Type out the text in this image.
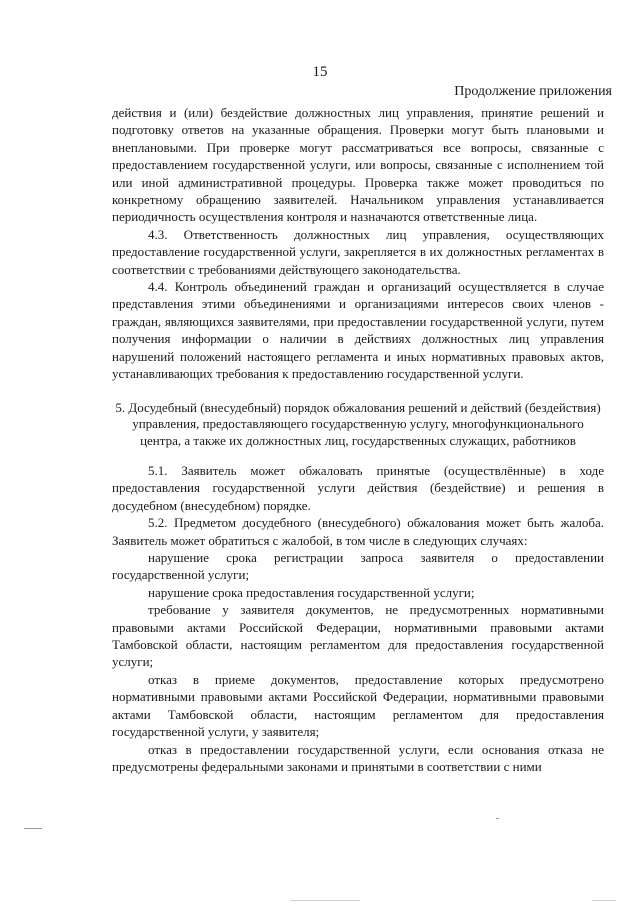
15
Продолжение приложения

действия и (или) бездействие должностных лиц управления, принятие решений и подготовку ответов на указанные обращения. Проверки могут быть плановыми и внеплановыми. При проверке могут рассматриваться все вопросы, связанные с предоставлением государственной услуги, или вопросы, связанные с исполнением той или иной административной процедуры. Проверка также может проводиться по конкретному обращению заявителей. Начальником управления устанавливается периодичность осуществления контроля и назначаются ответственные лица.

4.3. Ответственность должностных лиц управления, осуществляющих предоставление государственной услуги, закрепляется в их должностных регламентах в соответствии с требованиями действующего законодательства.

4.4. Контроль объединений граждан и организаций осуществляется в случае представления этими объединениями и организациями интересов своих членов - граждан, являющихся заявителями, при предоставлении государственной услуги, путем получения информации о наличии в действиях должностных лиц управления нарушений положений настоящего регламента и иных нормативных правовых актов, устанавливающих требования к предоставлению государственной услуги.

5. Досудебный (внесудебный) порядок обжалования решений и действий (бездействия) управления, предоставляющего государственную услугу, многофункционального центра, а также их должностных лиц, государственных служащих, работников

5.1. Заявитель может обжаловать принятые (осуществлённые) в ходе предоставления государственной услуги действия (бездействие) и решения в досудебном (внесудебном) порядке.

5.2. Предметом досудебного (внесудебного) обжалования может быть жалоба. Заявитель может обратиться с жалобой, в том числе в следующих случаях:

нарушение срока регистрации запроса заявителя о предоставлении государственной услуги;

нарушение срока предоставления государственной услуги;

требование у заявителя документов, не предусмотренных нормативными правовыми актами Российской Федерации, нормативными правовыми актами Тамбовской области, настоящим регламентом для предоставления государственной услуги;

отказ в приеме документов, предоставление которых предусмотрено нормативными правовыми актами Российской Федерации, нормативными правовыми актами Тамбовской области, настоящим регламентом для предоставления государственной услуги, у заявителя;

отказ в предоставлении государственной услуги, если основания отказа не предусмотрены федеральными законами и принятыми в соответствии с ними
